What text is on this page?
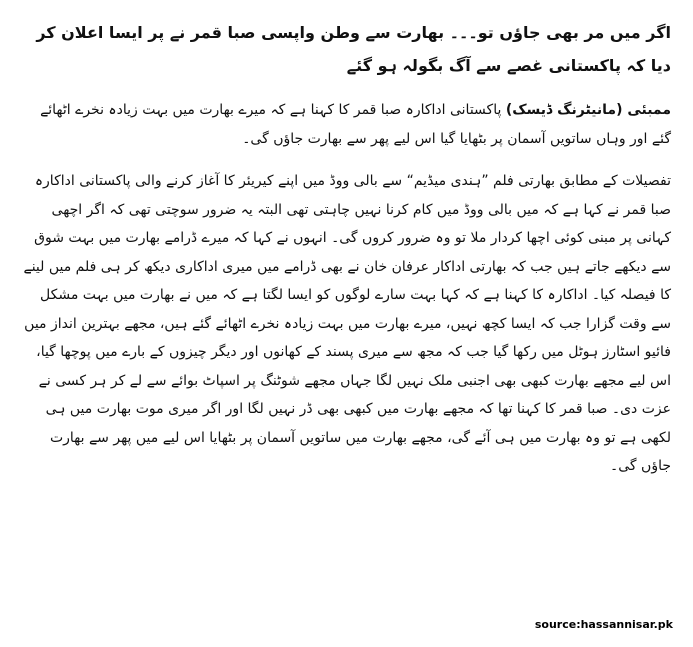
اگر میں مر بھی جاؤں تو۔۔۔ بھارت سے وطن واپسی صبا قمر نے پر ایسا اعلان کر دیا کہ پاکستانی غصے سے آگ بگولہ ہو گئے

ممبئی (مانیٹرنگ ڈیسک) پاکستانی اداکارہ صبا قمر کا کہنا ہے کہ میرے بھارت میں بہت زیادہ نخرے اٹھائے گئے اور وہاں ساتویں آسمان پر بٹھایا گیا اس لیے پھر سے بھارت جاؤں گی۔

تفصیلات کے مطابق بھارتی فلم ”ہندی میڈیم“ سے بالی ووڈ میں اپنے کیریئر کا آغاز کرنے والی پاکستانی اداکارہ صبا قمر نے کہا ہے کہ میں بالی ووڈ میں کام کرنا نہیں چاہتی تھی البتہ یہ ضرور سوچتی تھی کہ اگر اچھی کہانی پر مبنی کوئی اچھا کردار ملا تو وہ ضرور کروں گی۔ انہوں نے کہا کہ میرے ڈرامے بھارت میں بہت شوق سے دیکھے جاتے ہیں جب کہ بھارتی اداکار عرفان خان نے بھی ڈرامے میں میری اداکاری دیکھ کر ہی فلم میں لینے کا فیصلہ کیا۔ اداکارہ کا کہنا ہے کہ کہا بہت سارے لوگوں کو ایسا لگتا ہے کہ میں نے بھارت میں بہت مشکل سے وقت گزارا جب کہ ایسا کچھ نہیں، میرے بھارت میں بہت زیادہ نخرے اٹھائے گئے ہیں، مجھے بہترین انداز میں فائیو اسٹارز ہوٹل میں رکھا گیا جب کہ مجھ سے میری پسند کے کھانوں اور دیگر چیزوں کے بارے میں پوچھا گیا، اس لیے مجھے بھارت کبھی بھی اجنبی ملک نہیں لگا جہاں مجھے شوٹنگ پر اسپاٹ بوائے سے لے کر ہر کسی نے عزت دی۔ صبا قمر کا کہنا تھا کہ مجھے بھارت میں کبھی بھی ڈر نہیں لگا اور اگر میری موت بھارت میں ہی لکھی ہے تو وہ بھارت میں ہی آئے گی، مجھے بھارت میں ساتویں آسمان پر بٹھایا اس لیے میں پھر سے بھارت جاؤں گی۔

source:hassannisar.pk
